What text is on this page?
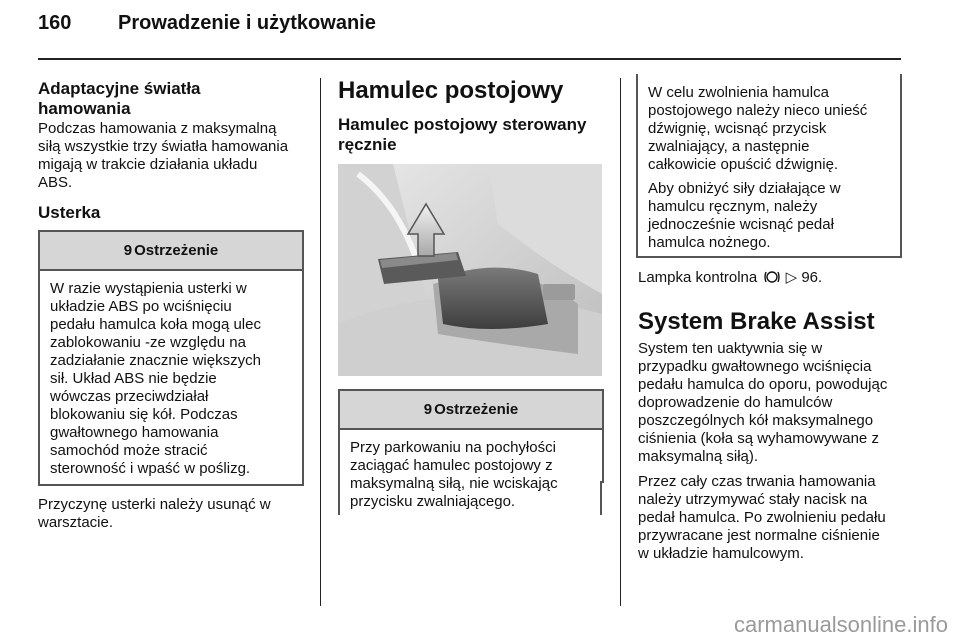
160 Prowadzenie i użytkowanie
Adaptacyjne światła hamowania

Podczas hamowania z maksymalną

siłą wszystkie trzy światła hamowania

migają w trakcie działania układu

ABS.

Usterka
9 Ostrzeżenie
W razie wystąpienia usterki w
układzie ABS po wciśnięciu
pedału hamulca koła mogą ulec
zablokowaniu -ze względu na
zadziałanie znacznie większych
sił. Układ ABS nie będzie
wówczas przeciwdziałał
blokowaniu się kół. Podczas
gwałtownego hamowania
samochód może stracić
sterowność i wpaść w poślizg.

Przyczynę usterki należy usunąć w

warsztacie.

Hamulec postojowy
Hamulec postojowy sterowany ręcznie
9 Ostrzeżenie
Przy parkowaniu na pochyłości
zaciągać hamulec postojowy z
maksymalną siłą, nie wciskając
przycisku zwalniającego.
W celu zwolnienia hamulca
postojowego należy nieco unieść
dźwignię, wcisnąć przycisk
zwalniający, a następnie
całkowicie opuścić dźwignię.
Aby obniżyć siły działające w
hamulcu ręcznym, należy
jednocześnie wcisnąć pedał
hamulca nożnego.
Lampka kontrolna ▷ 96.
System Brake Assist

System ten uaktywnia się w

przypadku gwałtownego wciśnięcia

pedału hamulca do oporu, powodując

doprowadzenie do hamulców

poszczególnych kół maksymalnego

ciśnienia (koła są wyhamowywane z

maksymalną siłą).

Przez cały czas trwania hamowania

należy utrzymywać stały nacisk na

pedał hamulca. Po zwolnieniu pedału

przywracane jest normalne ciśnienie

w układzie hamulcowym.

carmanualsonline.info
